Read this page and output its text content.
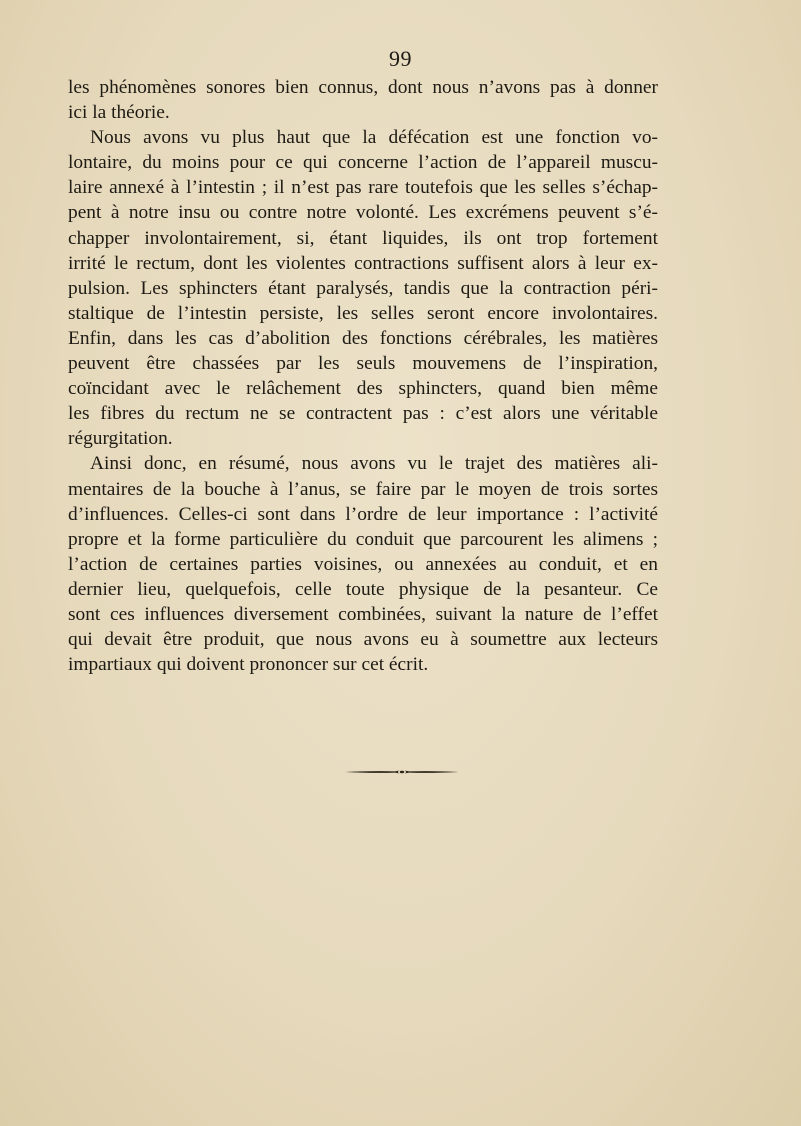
99
les phénomènes sonores bien connus, dont nous n’avons pas à donner
ici la théorie.
Nous avons vu plus haut que la défécation est une fonction vo-
lontaire, du moins pour ce qui concerne l’action de l’appareil muscu-
laire annexé à l’intestin ; il n’est pas rare toutefois que les selles s’échap-
pent à notre insu ou contre notre volonté. Les excrémens peuvent s’é-
chapper involontairement, si, étant liquides, ils ont trop fortement
irrité le rectum, dont les violentes contractions suffisent alors à leur ex-
pulsion. Les sphincters étant paralysés, tandis que la contraction péri-
staltique de l’intestin persiste, les selles seront encore involontaires.
Enfin, dans les cas d’abolition des fonctions cérébrales, les matières
peuvent être chassées par les seuls mouvemens de l’inspiration,
coïncidant avec le relâchement des sphincters, quand bien même
les fibres du rectum ne se contractent pas : c’est alors une véritable
régurgitation.
Ainsi donc, en résumé, nous avons vu le trajet des matières ali-
mentaires de la bouche à l’anus, se faire par le moyen de trois sortes
d’influences. Celles-ci sont dans l’ordre de leur importance : l’activité
propre et la forme particulière du conduit que parcourent les alimens ;
l’action de certaines parties voisines, ou annexées au conduit, et en
dernier lieu, quelquefois, celle toute physique de la pesanteur. Ce
sont ces influences diversement combinées, suivant la nature de l’effet
qui devait être produit, que nous avons eu à soumettre aux lecteurs
impartiaux qui doivent prononcer sur cet écrit.
